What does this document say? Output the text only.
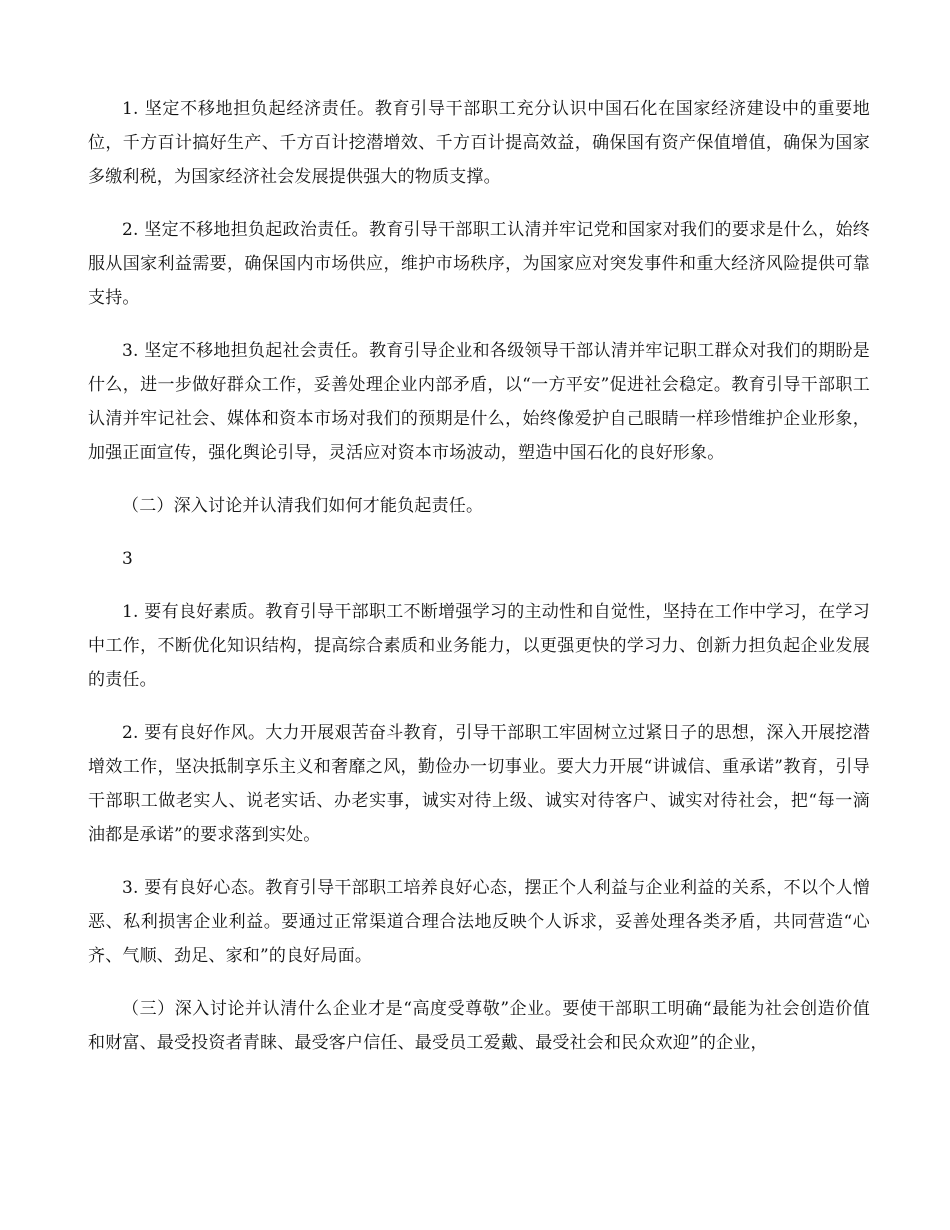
1. 坚定不移地担负起经济责任。教育引导干部职工充分认识中国石化在国家经济建设中的重要地位，千方百计搞好生产、千方百计挖潜增效、千方百计提高效益，确保国有资产保值增值，确保为国家多缴利税，为国家经济社会发展提供强大的物质支撑。

2. 坚定不移地担负起政治责任。教育引导干部职工认清并牢记党和国家对我们的要求是什么，始终服从国家利益需要，确保国内市场供应，维护市场秩序，为国家应对突发事件和重大经济风险提供可靠支持。

3. 坚定不移地担负起社会责任。教育引导企业和各级领导干部认清并牢记职工群众对我们的期盼是什么，进一步做好群众工作，妥善处理企业内部矛盾，以“一方平安”促进社会稳定。教育引导干部职工认清并牢记社会、媒体和资本市场对我们的预期是什么，始终像爱护自己眼睛一样珍惜维护企业形象，加强正面宣传，强化舆论引导，灵活应对资本市场波动，塑造中国石化的良好形象。

（二）深入讨论并认清我们如何才能负起责任。

3

1. 要有良好素质。教育引导干部职工不断增强学习的主动性和自觉性，坚持在工作中学习，在学习中工作，不断优化知识结构，提高综合素质和业务能力，以更强更快的学习力、创新力担负起企业发展的责任。

2. 要有良好作风。大力开展艰苦奋斗教育，引导干部职工牢固树立过紧日子的思想，深入开展挖潜增效工作，坚决抵制享乐主义和奢靡之风，勤俭办一切事业。要大力开展“讲诚信、重承诺”教育，引导干部职工做老实人、说老实话、办老实事，诚实对待上级、诚实对待客户、诚实对待社会，把“每一滴油都是承诺”的要求落到实处。

3. 要有良好心态。教育引导干部职工培养良好心态，摆正个人利益与企业利益的关系，不以个人憎恶、私利损害企业利益。要通过正常渠道合理合法地反映个人诉求，妥善处理各类矛盾，共同营造“心齐、气顺、劲足、家和”的良好局面。

（三）深入讨论并认清什么企业才是“高度受尊敬”企业。要使干部职工明确“最能为社会创造价值和财富、最受投资者青睐、最受客户信任、最受员工爱戴、最受社会和民众欢迎”的企业，
